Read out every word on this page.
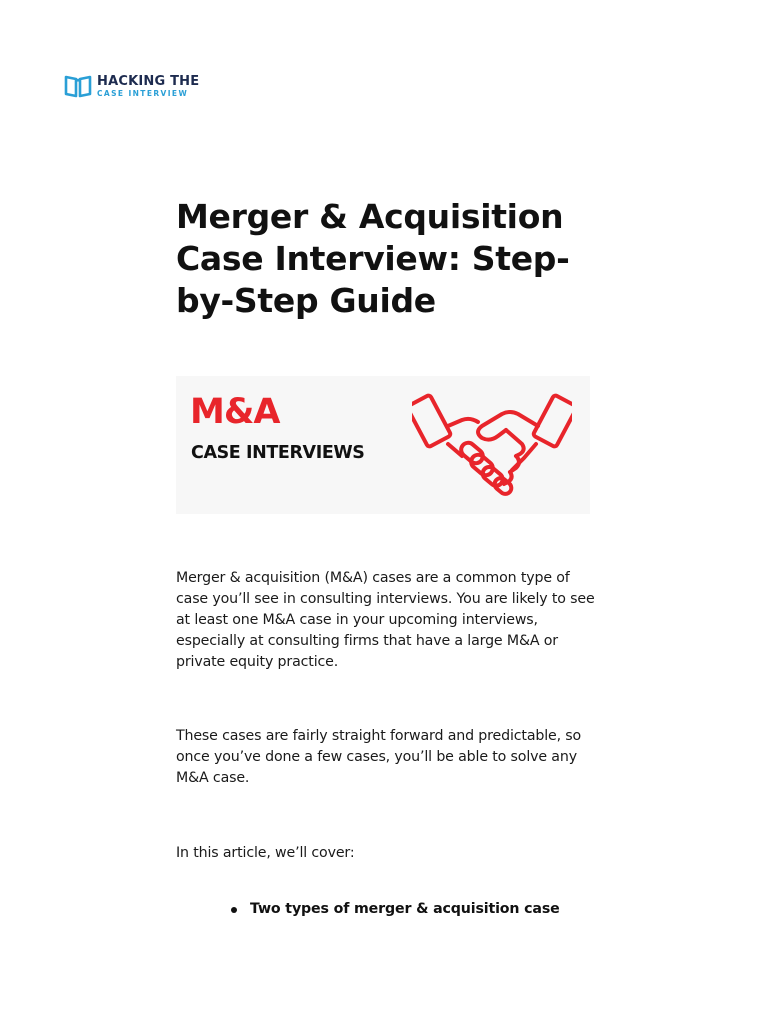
HACKING THE
CASE INTERVIEW
Merger & Acquisition Case Interview: Step-by-Step Guide
M&A
CASE INTERVIEWS

Merger & acquisition (M&A) cases are a common type of case you’ll see in consulting interviews. You are likely to see at least one M&A case in your upcoming interviews, especially at consulting firms that have a large M&A or private equity practice.

These cases are fairly straight forward and predictable, so once you’ve done a few cases, you’ll be able to solve any M&A case.

In this article, we’ll cover:

Two types of merger & acquisition case
